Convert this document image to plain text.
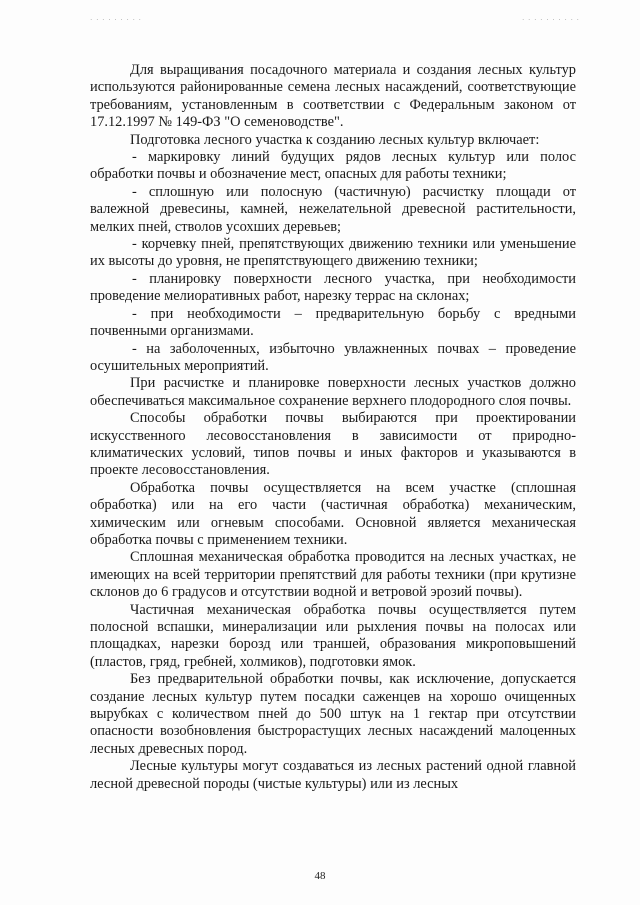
· · · · · · · · ·	· · · · · · · · · ·

Для выращивания посадочного материала и создания лесных культур используются районированные семена лесных насаждений, соответствующие требованиям, установленным в соответствии с Федеральным законом от 17.12.1997 № 149-ФЗ "О семеноводстве".

Подготовка лесного участка к созданию лесных культур включает:

- маркировку линий будущих рядов лесных культур или полос обработки почвы и обозначение мест, опасных для работы техники;

- сплошную или полосную (частичную) расчистку площади от валежной древесины, камней, нежелательной древесной растительности, мелких пней, стволов усохших деревьев;

- корчевку пней, препятствующих движению техники или уменьшение их высоты до уровня, не препятствующего движению техники;

- планировку поверхности лесного участка, при необходимости проведение мелиоративных работ, нарезку террас на склонах;

- при необходимости – предварительную борьбу с вредными почвенными организмами.

- на заболоченных, избыточно увлажненных почвах – проведение осушительных мероприятий.

При расчистке и планировке поверхности лесных участков должно обеспечиваться максимальное сохранение верхнего плодородного слоя почвы.

Способы обработки почвы выбираются при проектировании искусственного лесовосстановления в зависимости от природно-климатических условий, типов почвы и иных факторов и указываются в проекте лесовосстановления.

Обработка почвы осуществляется на всем участке (сплошная обработка) или на его части (частичная обработка) механическим, химическим или огневым способами. Основной является механическая обработка почвы с применением техники.

Сплошная механическая обработка проводится на лесных участках, не имеющих на всей территории препятствий для работы техники (при крутизне склонов до 6 градусов и отсутствии водной и ветровой эрозий почвы).

Частичная механическая обработка почвы осуществляется путем полосной вспашки, минерализации или рыхления почвы на полосах или площадках, нарезки борозд или траншей, образования микроповышений (пластов, гряд, гребней, холмиков), подготовки ямок.

Без предварительной обработки почвы, как исключение, допускается создание лесных культур путем посадки саженцев на хорошо очищенных вырубках с количеством пней до 500 штук на 1 гектар при отсутствии опасности возобновления быстрорастущих лесных насаждений малоценных лесных древесных пород.

Лесные культуры могут создаваться из лесных растений одной главной лесной древесной породы (чистые культуры) или из лесных

48
